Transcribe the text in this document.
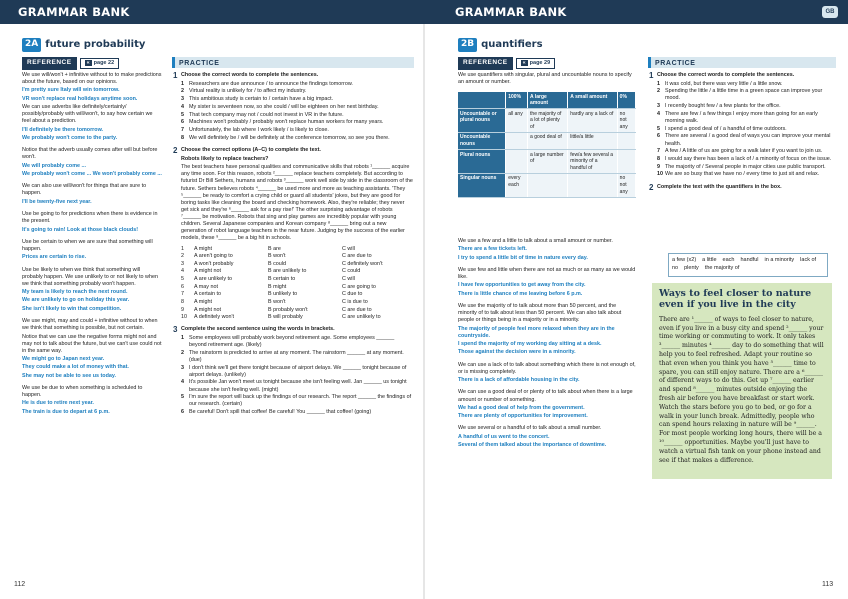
GRAMMAR BANK	GRAMMAR BANK	GB
2A future probability
REFERENCE	« page 22

We use will/won't + infinitive without to to make predictions about the future, based on our opinions.

I'm pretty sure Italy will win tomorrow.

VR won't replace real holidays anytime soon.

We can use adverbs like definitely/certainly/ possibly/probably with will/won't, to say how certain we feel about a prediction.

I'll definitely be there tomorrow.

We probably won't come to the party.

Notice that the adverb usually comes after will but before won't.

We will probably come ...

We probably won't come ... We won't probably come ...

We can also use will/won't for things that are sure to happen.

I'll be twenty-five next year.

Use be going to for predictions when there is evidence in the present.

It's going to rain! Look at those black clouds!

Use be certain to when we are sure that something will happen.

Prices are certain to rise.

Use be likely to when we think that something will probably happen. We use unlikely to or not likely to when we think that something probably won't happen.

My team is likely to reach the next round.

We are unlikely to go on holiday this year.

She isn't likely to win that competition.

We use might, may and could + infinitive without to when we think that something is possible, but not certain.

Notice that we can use the negative forms might not and may not to talk about the future, but we can't use could not in the same way.

We might go to Japan next year.

They could make a lot of money with that.

She may not be able to see us today.

We use be due to when something is scheduled to happen.

He is due to retire next year.

The train is due to depart at 6 p.m.

PRACTICE
1 Choose the correct words to complete the sentences.
1 Researchers are due announce / to announce the findings tomorrow.
2 Virtual reality is unlikely for / to affect my industry.
3 This ambitious study is certain to / certain have a big impact.
4 My sister is seventeen now, so she could / will be eighteen on her next birthday.
5 That tech company may not / could not invest in VR in the future.
6 Machines won't probably / probably won't replace human workers for many years.
7 Unfortunately, the lab where I work likely / is likely to close.
8 We will definitely be / will be definitely at the conference tomorrow, so see you there.
2 Choose the correct options (A–C) to complete the text.
Robots likely to replace teachers?
The best teachers have personal qualities and communicative skills that robots ¹______ acquire any time soon. For this reason, robots ²______ replace teachers completely. But according to futurist Dr Bill Sethers, humans and robots ³______ work well side by side in the classroom of the future. Sethers believes robots ⁴______ be used more and more as teaching assistants. 'They ⁵______ be ready to comfort a crying child or guard all students' jokes, but they are good for boring tasks like cleaning the board and checking homework. Also, they're reliable; they never get sick and they're ⁶______ ask for a pay rise!' The other surprising advantage of robots ⁷______ be motivation. Robots that sing and play games are incredibly popular with young children. Several Japanese companies and Korean company ⁸______ bring out a new generation of robot language teachers in the near future. Judging by the success of the earlier models, these ⁹______ be a big hit in schools.
1	A might	B are	C will
2	A aren't going to	B won't	C are due to
3	A won't probably	B could	C definitely won't
4	A might not	B are unlikely to	C could
5	A are unlikely to	B certain to	C will
6	A may not	B might	C are going to
7	A certain to	B unlikely to	C due to
8	A might	B won't	C is due to
9	A might not	B probably won't	C are due to
10	A definitely won't	B will probably	C are unlikely to
3 Complete the second sentence using the words in brackets.
1 Some employees will probably work beyond retirement age. Some employees ______ beyond retirement age. (likely)
2 The rainstorm is predicted to arrive at any moment. The rainstorm ______ at any moment. (due)
3 I don't think we'll get there tonight because of airport delays. We ______ tonight because of airport delays. (unlikely)
4 It's possible Jan won't meet us tonight because she isn't feeling well. Jan ______ us tonight because she isn't feeling well. (might)
5 I'm sure the report will back up the findings of our research. The report ______ the findings of our research. (certain)
6 Be careful! Don't spill that coffee! Be careful! You ______ that coffee! (going)
112
2B quantifiers
REFERENCE	« page 29
We use quantifiers with singular, plural and uncountable nouns to specify an amount or number.
	100%	A large amount	A small amount	0%
Uncountable or plural nouns	all any	the majority of a lot of plenty of	hardly any a lack of	no not any
Uncountable nouns		a good deal of	little/a little	
Plural nouns		a large number of	few/a few several a minority of a handful of	
Singular nouns	every each			no not any

We use a few and a little to talk about a small amount or number.

There are a few tickets left.

I try to spend a little bit of time in nature every day.

We use few and little when there are not as much or as many as we would like.

I have few opportunities to get away from the city.

There is little chance of me leaving before 6 p.m.

We use the majority of to talk about more than 50 percent, and the minority of to talk about less than 50 percent. We can also talk about people or things being in a majority or in a minority.

The majority of people feel more relaxed when they are in the countryside.

I spend the majority of my working day sitting at a desk.

Those against the decision were in a minority.

We can use a lack of to talk about something which there is not enough of, or is missing completely.

There is a lack of affordable housing in the city.

We can use a good deal of or plenty of to talk about when there is a large amount or number of something.

We had a good deal of help from the government.

There are plenty of opportunities for improvement.

We use several or a handful of to talk about a small number.

A handful of us went to the concert.

Several of them talked about the importance of downtime.

PRACTICE
1 Choose the correct words to complete the sentences.
1 It was cold, but there was very little / a little snow.
2 Spending the little / a little time in a green space can improve your mood.
3 I recently bought few / a few plants for the office.
4 There are few / a few things I enjoy more than going for an early morning walk.
5 I spend a good deal of / a handful of time outdoors.
6 There are several / a good deal of ways you can improve your mental health.
7 A few / A little of us are going for a walk later if you want to join us.
8 I would say there has been a lack of / a minority of focus on the issue.
9 The majority of / Several people in major cities use public transport.
10 We are so busy that we have no / every time to just sit and relax.
2 Complete the text with the quantifiers in the box.
a few (x2) a little each handful in a minority lack of
no plenty the majority of
Ways to feel closer to nature even if you live in the city
There are ¹______ of ways to feel closer to nature, even if you live in a busy city and spend ²______ your time working or commuting to work. It only takes ³______ minutes ⁴______ day to do something that will help you to feel refreshed. Adapt your routine so that even when you think you have ⁵______ time to spare, you can still enjoy nature. There are a ⁶______ of different ways to do this. Get up ⁷______ earlier and spend ⁸______ minutes outside enjoying the fresh air before you have breakfast or start work. Watch the stars before you go to bed, or go for a walk in your lunch break. Admittedly, people who can spend hours relaxing in nature will be ⁹______. For most people working long hours, there will be a ¹⁰______ opportunities. Maybe you'll just have to watch a virtual fish tank on your phone instead and see if that makes a difference.
113
